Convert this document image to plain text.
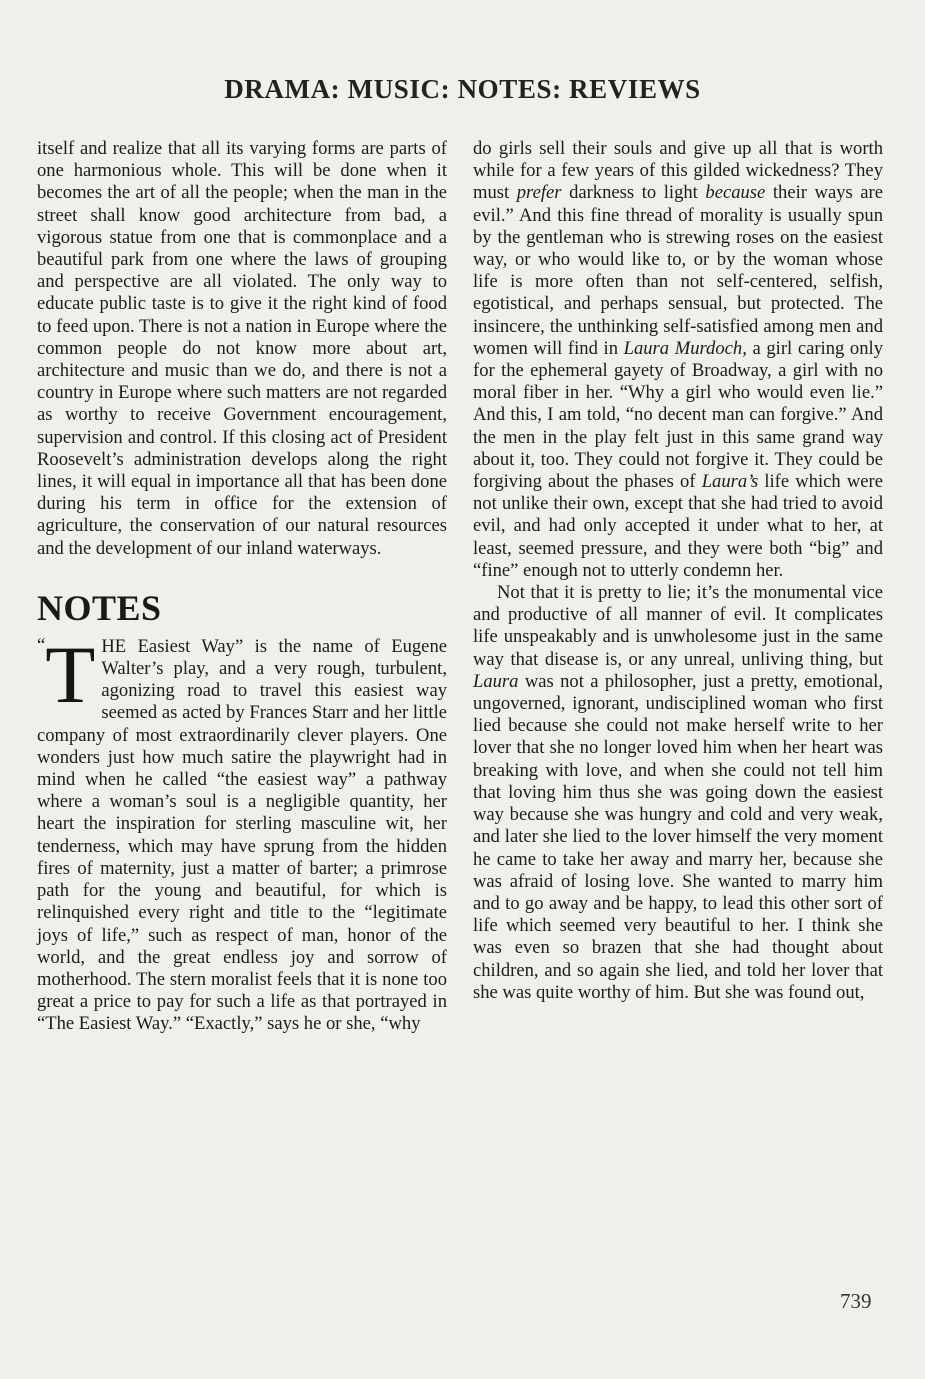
DRAMA: MUSIC: NOTES: REVIEWS

itself and realize that all its varying forms are parts of one harmonious whole. This will be done when it becomes the art of all the people; when the man in the street shall know good architecture from bad, a vigorous statue from one that is commonplace and a beautiful park from one where the laws of grouping and perspective are all violated. The only way to educate public taste is to give it the right kind of food to feed upon. There is not a nation in Europe where the common people do not know more about art, architecture and music than we do, and there is not a country in Europe where such matters are not regarded as worthy to receive Government encouragement, supervision and control. If this closing act of President Roosevelt’s administration develops along the right lines, it will equal in importance all that has been done during his term in office for the extension of agriculture, the conservation of our natural resources and the development of our inland waterways.

NOTES

“ T HE Easiest Way” is the name of Eugene Walter’s play, and a very rough, turbulent, agonizing road to travel this easiest way seemed as acted by Frances Starr and her little company of most extraordinarily clever players. One wonders just how much satire the playwright had in mind when he called “the easiest way” a pathway where a woman’s soul is a negligible quantity, her heart the inspiration for sterling masculine wit, her tenderness, which may have sprung from the hidden fires of maternity, just a matter of barter; a primrose path for the young and beautiful, for which is relinquished every right and title to the “legitimate joys of life,” such as respect of man, honor of the world, and the great endless joy and sorrow of motherhood. The stern moralist feels that it is none too great a price to pay for such a life as that portrayed in “The Easiest Way.” “Exactly,” says he or she, “why

do girls sell their souls and give up all that is worth while for a few years of this gilded wickedness? They must prefer darkness to light because their ways are evil.” And this fine thread of morality is usually spun by the gentleman who is strewing roses on the easiest way, or who would like to, or by the woman whose life is more often than not self-centered, selfish, egotistical, and perhaps sensual, but protected. The insincere, the unthinking self-satisfied among men and women will find in Laura Murdoch, a girl caring only for the ephemeral gayety of Broadway, a girl with no moral fiber in her. “Why a girl who would even lie.” And this, I am told, “no decent man can forgive.” And the men in the play felt just in this same grand way about it, too. They could not forgive it. They could be forgiving about the phases of Laura’s life which were not unlike their own, except that she had tried to avoid evil, and had only accepted it under what to her, at least, seemed pressure, and they were both “big” and “fine” enough not to utterly condemn her.

Not that it is pretty to lie; it’s the monumental vice and productive of all manner of evil. It complicates life unspeakably and is unwholesome just in the same way that disease is, or any unreal, unliving thing, but Laura was not a philosopher, just a pretty, emotional, ungoverned, ignorant, undisciplined woman who first lied because she could not make herself write to her lover that she no longer loved him when her heart was breaking with love, and when she could not tell him that loving him thus she was going down the easiest way because she was hungry and cold and very weak, and later she lied to the lover himself the very moment he came to take her away and marry her, because she was afraid of losing love. She wanted to marry him and to go away and be happy, to lead this other sort of life which seemed very beautiful to her. I think she was even so brazen that she had thought about children, and so again she lied, and told her lover that she was quite worthy of him. But she was found out,

739
